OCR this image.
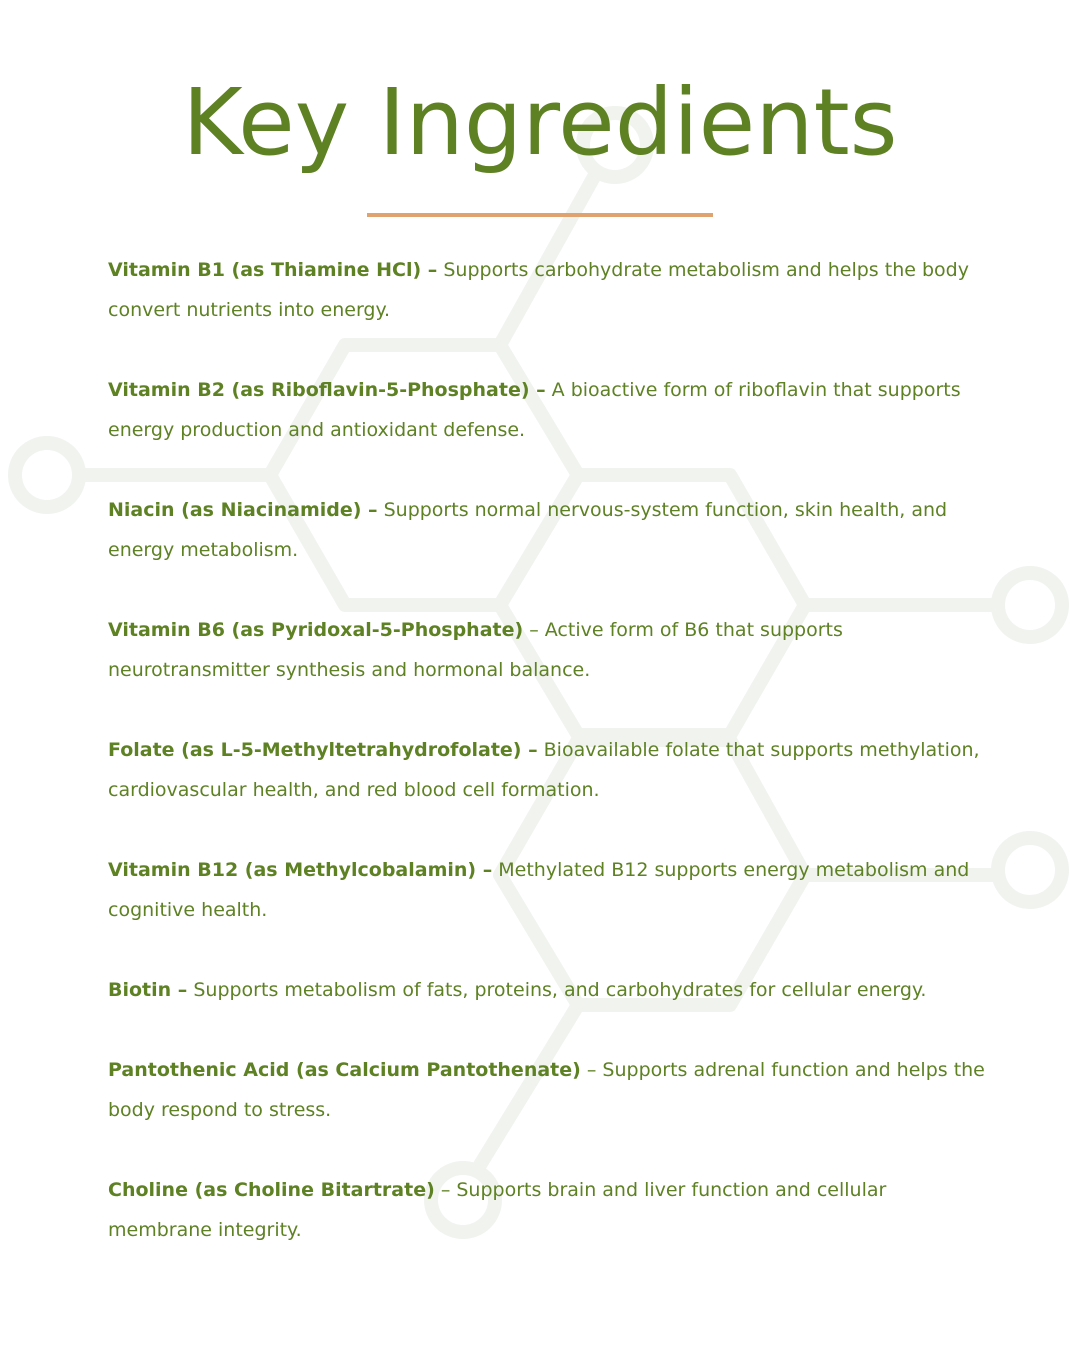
Key Ingredients

Vitamin B1 (as Thiamine HCl) – Supports carbohydrate metabolism and helps the body convert nutrients into energy.

Vitamin B2 (as Riboflavin-5-Phosphate) – A bioactive form of riboflavin that supports energy production and antioxidant defense.

Niacin (as Niacinamide) – Supports normal nervous-system function, skin health, and energy metabolism.

Vitamin B6 (as Pyridoxal-5-Phosphate) – Active form of B6 that supports neurotransmitter synthesis and hormonal balance.

Folate (as L-5-Methyltetrahydrofolate) – Bioavailable folate that supports methylation, cardiovascular health, and red blood cell formation.

Vitamin B12 (as Methylcobalamin) – Methylated B12 supports energy metabolism and cognitive health.

Biotin – Supports metabolism of fats, proteins, and carbohydrates for cellular energy.

Pantothenic Acid (as Calcium Pantothenate) – Supports adrenal function and helps the body respond to stress.

Choline (as Choline Bitartrate) – Supports brain and liver function and cellular membrane integrity.
